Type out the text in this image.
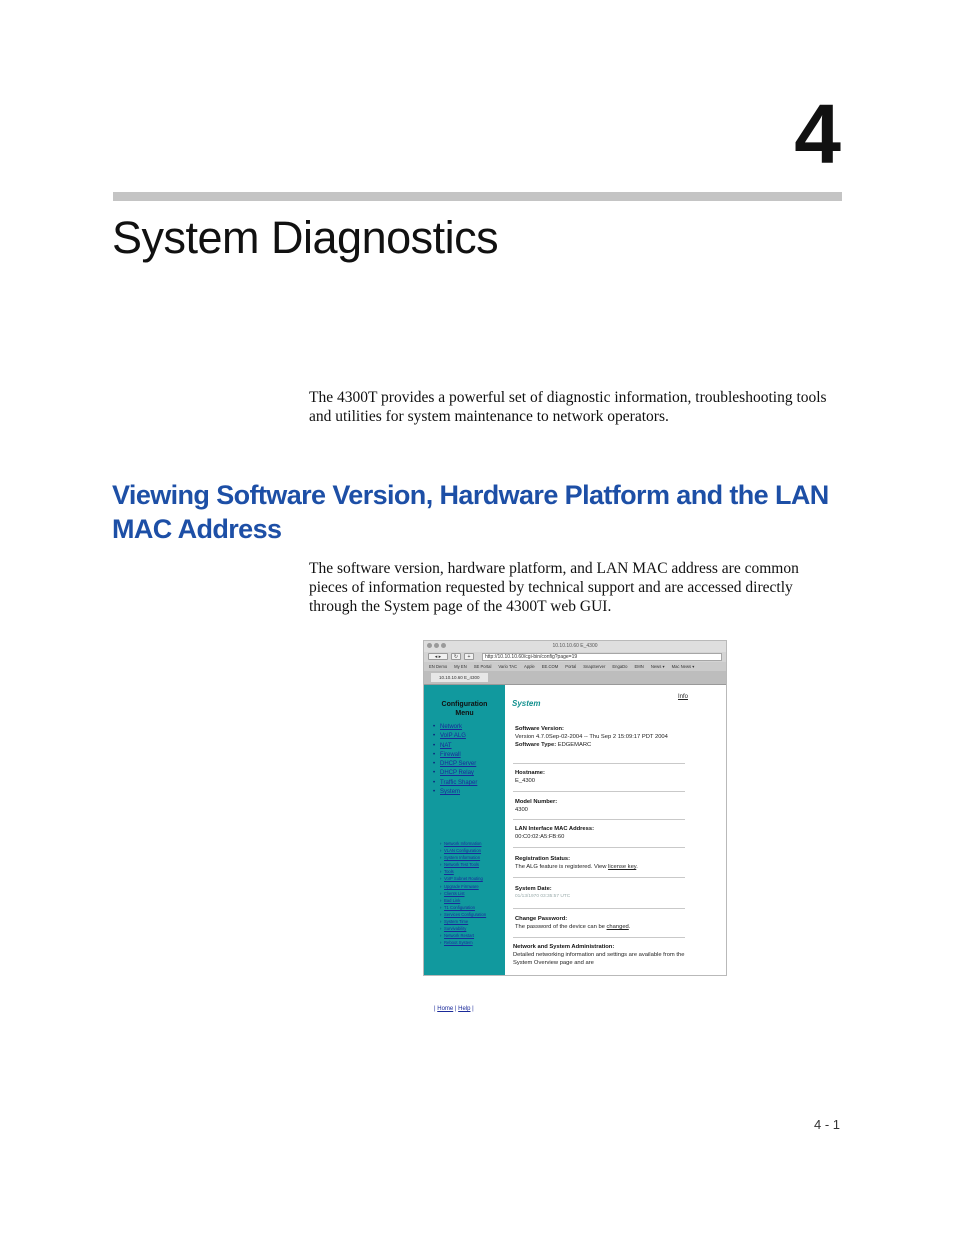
4
System Diagnostics

The 4300T provides a powerful set of diagnostic information, troubleshooting tools and utilities for system maintenance to network operators.

Viewing Software Version, Hardware Platform and the LAN MAC Address

The software version, hardware platform, and LAN MAC address are common pieces of information requested by technical support and are accessed directly through the System page of the 4300T web GUI.

10.10.10.60 E_4300
◂ ▸	↻	+	http://10.10.10.60/cgi-bin/config?page=19
EN Demo My EN SE Portal Vario TAC Apple EE.COM Portal SnapServer EngaDo EMN News ▾ Mac News ▾
10.10.10.60 E_4300
Configuration Menu
• Network
• VoIP ALG
• NAT
• Firewall
• DHCP Server
• DHCP Relay
• Traffic Shaper
• System
› Network Information
› VLAN Configuration
› System Information
› Network Test Tools
› Tools
› VoIP Subnet Routing
› Upgrade Firmware
› Clients List
› Bad Link
› T1 Configuration
› Services Configuration
› System Time
› Survivability
› Network Restart
› Reboot System
| Home | Help |
System
Info
Software Version:
Version 4.7.0Sep-02-2004 -- Thu Sep 2 15:09:17 PDT 2004
Software Type: EDGEMARC
Hostname:
E_4300
Model Number:
4300
LAN Interface MAC Address:
00:C0:02:A5:FB:60
Registration Status:
The ALG feature is registered. View license key.
System Date:
01/13/1970 03:35:57 UTC
Change Password:
The password of the device can be changed.
Network and System Administration:
Detailed networking information and settings are available from the System Overview page and are
4 - 1
